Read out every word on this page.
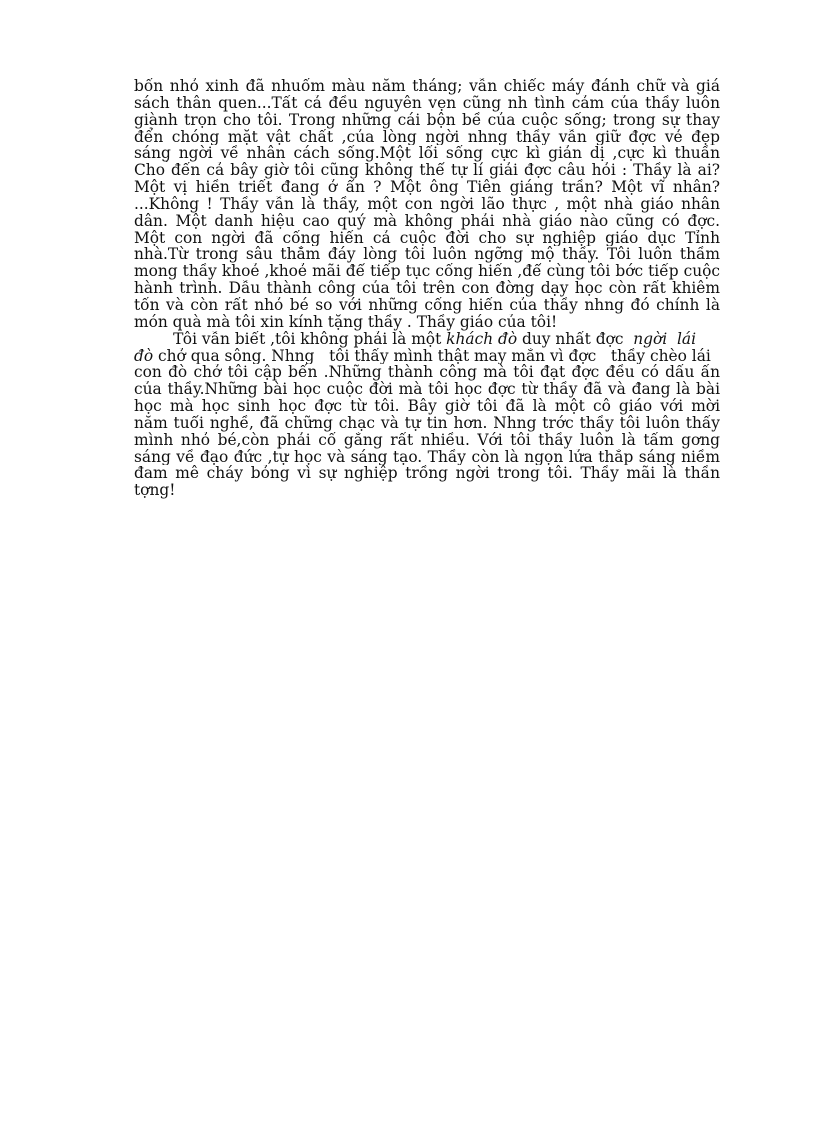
bốn nhỏ xinh đã nhuốm màu năm tháng; vẫn chiếc máy đánh chữ và giá
sách thân quen...Tất cả đều nguyên vẹn cũng nh tình cảm của thầy luôn
giành trọn cho tôi. Trong những cái bộn bề của cuộc sống; trong sự thay
đến chóng mặt vật chất ,của lòng ngời nhng thầy vẫn giữ đợc vẻ đẹp
sáng ngời về nhân cách sống.Một lối sống cực kì giản dị ,cực kì thuần
Cho đến cả bây giờ tôi cũng không thể tự lí giải đợc câu hỏi : Thầy là ai?
Một vị hiền triết đang ở ẩn ? Một ông Tiên giáng trần? Một vĩ nhân?
...Không ! Thầy vẫn là thầy, một con ngời lão thực , một nhà giáo nhân
dân. Một danh hiệu cao quý mà không phải nhà giáo nào cũng có đợc.
Một con ngời đã cống hiến cả cuộc đời cho sự nghiệp giáo dục Tỉnh
nhà.Từ trong sâu thẳm đáy lòng tôi luôn ngỡng mộ thầy. Tôi luôn thầm
mong thầy khoẻ ,khoẻ mãi để tiếp tục cống hiến ,để cùng tôi bớc tiếp cuộc
hành trình. Dẫu thành công của tôi trên con đờng dạy học còn rất khiêm
tốn và còn rất nhỏ bé so với những cống hiến của thầy nhng đó chính là
món quà mà tôi xin kính tặng thầy . Thầy giáo của tôi!
Tôi vẫn biết ,tôi không phải là một khách đò duy nhất đợc  ngời  lái
đò chở qua sông. Nhng   tôi thấy mình thật may mắn vì đợc   thầy chèo lái
con đò chở tôi cập bến .Những thành công mà tôi đạt đợc đều có dấu ấn
của thầy.Những bài học cuộc đời mà tôi học đợc từ thầy đã và đang là bài
học mà học sinh học đợc từ tôi. Bây giờ tôi đã là một cô giáo với mời
năm tuổi nghề, đã chững chạc và tự tin hơn. Nhng trớc thầy tôi luôn thấy
mình nhỏ bé,còn phải cố gắng rất nhiều. Với tôi thầy luôn là tấm gơng
sáng về đạo đức ,tự học và sáng tạo. Thầy còn là ngọn lửa thắp sáng niềm
đam mê cháy bỏng vì sự nghiệp trồng ngời trong tôi. Thầy mãi là thần
tợng!
